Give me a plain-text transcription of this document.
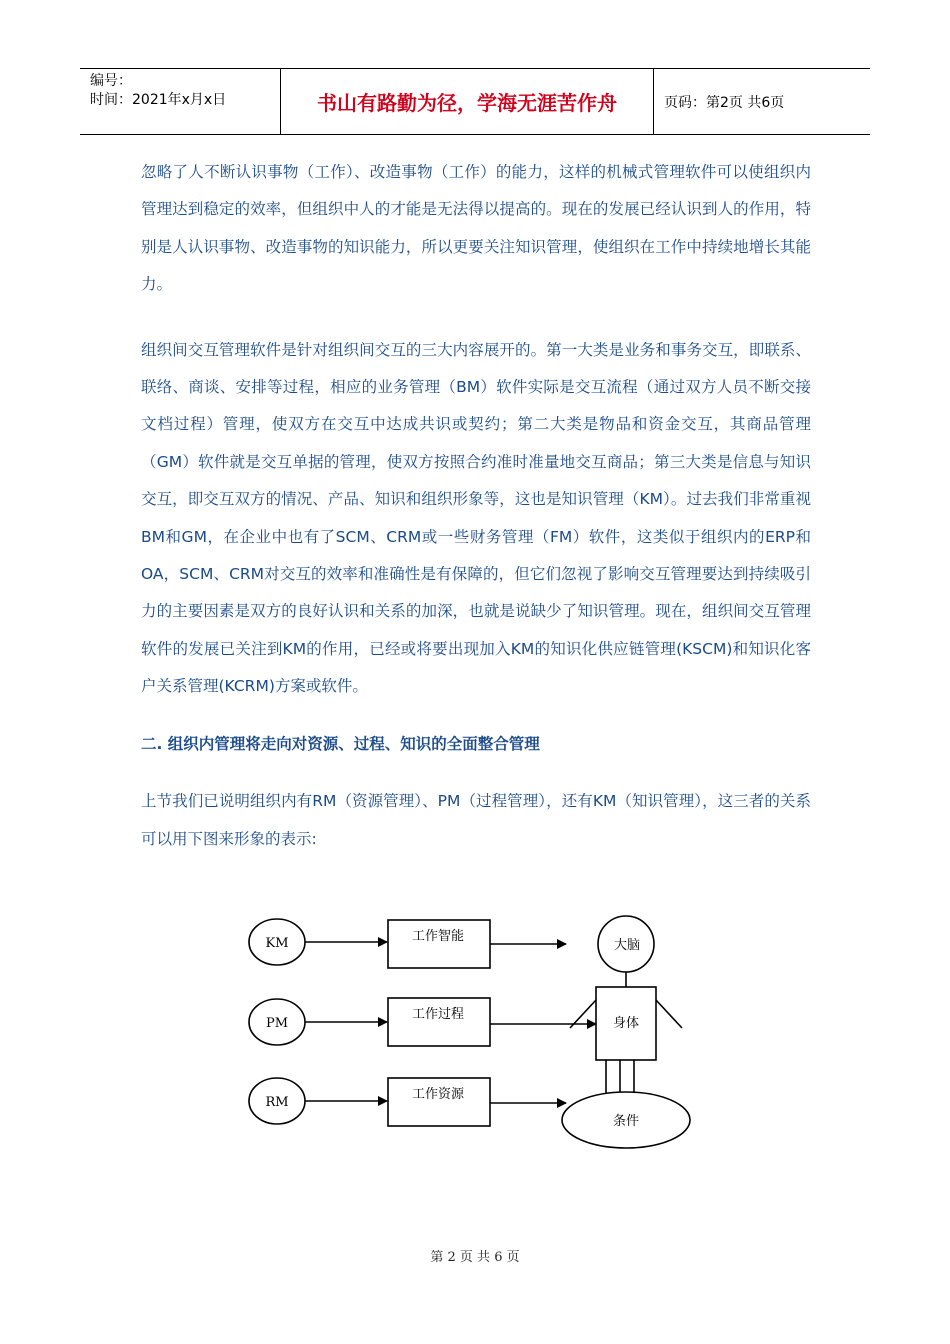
编号：
时间：2021年x月x日	书山有路勤为径，学海无涯苦作舟	页码：第2页 共6页

忽略了人不断认识事物（工作）、改造事物（工作）的能力，这样的机械式管理软件可以使组织内管理达到稳定的效率，但组织中人的才能是无法得以提高的。现在的发展已经认识到人的作用，特别是人认识事物、改造事物的知识能力，所以更要关注知识管理，使组织在工作中持续地增长其能力。

组织间交互管理软件是针对组织间交互的三大内容展开的。第一大类是业务和事务交互，即联系、联络、商谈、安排等过程，相应的业务管理（BM）软件实际是交互流程（通过双方人员不断交接文档过程）管理，使双方在交互中达成共识或契约；第二大类是物品和资金交互，其商品管理（GM）软件就是交互单据的管理，使双方按照合约准时准量地交互商品；第三大类是信息与知识交互，即交互双方的情况、产品、知识和组织形象等，这也是知识管理（KM）。过去我们非常重视BM和GM，在企业中也有了SCM、CRM或一些财务管理（FM）软件，这类似于组织内的ERP和OA，SCM、CRM对交互的效率和准确性是有保障的，但它们忽视了影响交互管理要达到持续吸引力的主要因素是双方的良好认识和关系的加深，也就是说缺少了知识管理。现在，组织间交互管理软件的发展已关注到KM的作用，已经或将要出现加入KM的知识化供应链管理(KSCM)和知识化客户关系管理(KCRM)方案或软件。

二. 组织内管理将走向对资源、过程、知识的全面整合管理

上节我们已说明组织内有RM（资源管理）、PM（过程管理），还有KM（知识管理），这三者的关系可以用下图来形象的表示:

KM
PM
RM
工作智能
工作过程
工作资源
大脑
身体
条件
第 2 页 共 6 页
